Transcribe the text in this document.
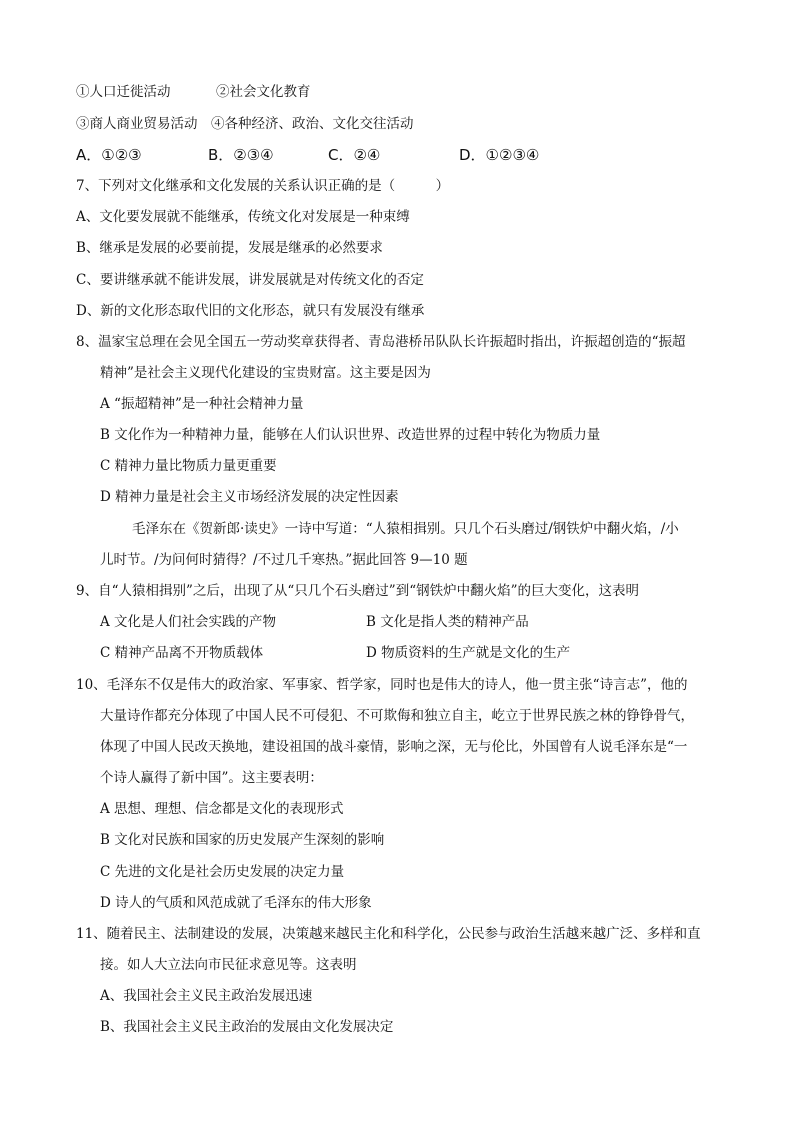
①人口迁徙活动	②社会文化教育
③商人商业贸易活动　④各种经济、政治、文化交往活动
A．①②③	B．②③④	C．②④	D．①②③④
7、下列对文化继承和文化发展的关系认识正确的是（　　　）
A、文化要发展就不能继承，传统文化对发展是一种束缚
B、继承是发展的必要前提，发展是继承的必然要求
C、要讲继承就不能讲发展，讲发展就是对传统文化的否定
D、新的文化形态取代旧的文化形态，就只有发展没有继承
8、温家宝总理在会见全国五一劳动奖章获得者、青岛港桥吊队队长许振超时指出，许振超创造的“振超
精神”是社会主义现代化建设的宝贵财富。这主要是因为
A “振超精神”是一种社会精神力量
B 文化作为一种精神力量，能够在人们认识世界、改造世界的过程中转化为物质力量
C 精神力量比物质力量更重要
D 精神力量是社会主义市场经济发展的决定性因素
毛泽东在《贺新郎·读史》一诗中写道：“人猿相揖别。只几个石头磨过/钢铁炉中翻火焰，/小
儿时节。/为问何时猜得？/不过几千寒热。”据此回答 9—10 题
9、自“人猿相揖别”之后，出现了从“只几个石头磨过”到“钢铁炉中翻火焰”的巨大变化，这表明
A 文化是人们社会实践的产物	B 文化是指人类的精神产品
C 精神产品离不开物质载体	D 物质资料的生产就是文化的生产
10、毛泽东不仅是伟大的政治家、军事家、哲学家，同时也是伟大的诗人，他一贯主张“诗言志”，他的
大量诗作都充分体现了中国人民不可侵犯、不可欺侮和独立自主，屹立于世界民族之林的铮铮骨气，
体现了中国人民改天换地，建设祖国的战斗豪情，影响之深，无与伦比，外国曾有人说毛泽东是“一
个诗人赢得了新中国”。这主要表明：
A 思想、理想、信念都是文化的表现形式
B 文化对民族和国家的历史发展产生深刻的影响
C 先进的文化是社会历史发展的决定力量
D 诗人的气质和风范成就了毛泽东的伟大形象
11、随着民主、法制建设的发展，决策越来越民主化和科学化，公民参与政治生活越来越广泛、多样和直
接。如人大立法向市民征求意见等。这表明
A、我国社会主义民主政治发展迅速
B、我国社会主义民主政治的发展由文化发展决定
